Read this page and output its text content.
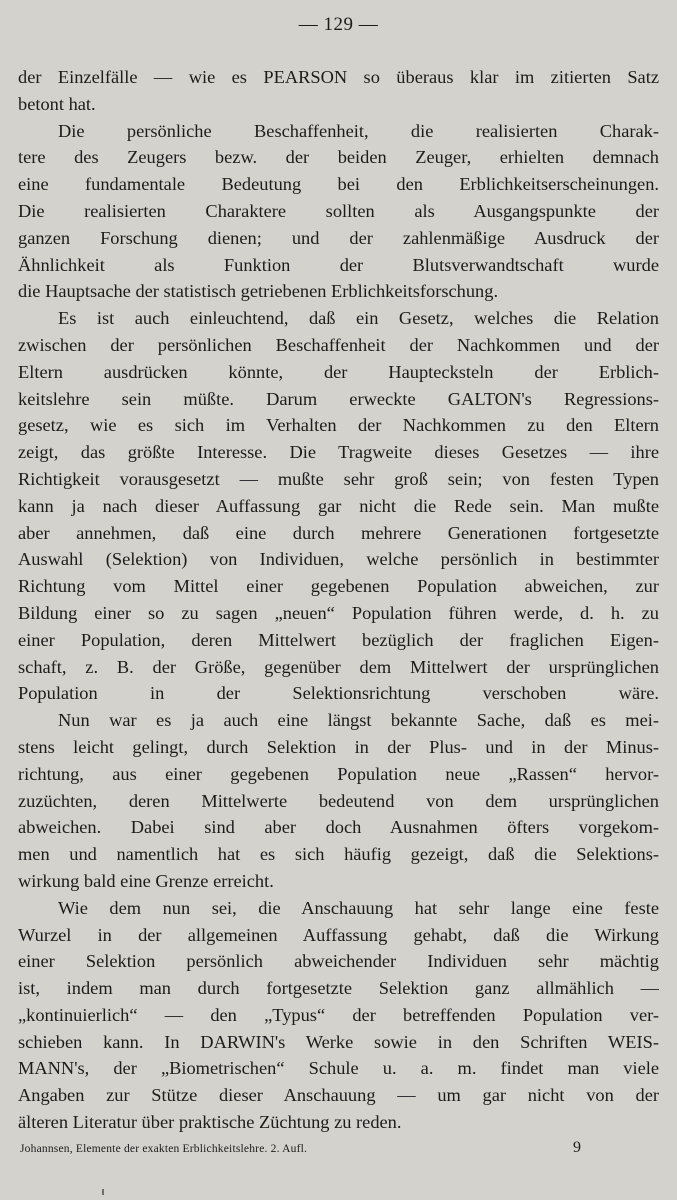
— 129 —
der Einzelfälle — wie es PEARSON so überaus klar im zitierten Satz
betont hat.
Die persönliche Beschaffenheit, die realisierten Charak-
tere des Zeugers bezw. der beiden Zeuger, erhielten demnach
eine fundamentale Bedeutung bei den Erblichkeitserscheinungen.
Die realisierten Charaktere sollten als Ausgangspunkte der
ganzen Forschung dienen; und der zahlenmäßige Ausdruck der
Ähnlichkeit als Funktion der Blutsverwandtschaft wurde
die Hauptsache der statistisch getriebenen Erblichkeitsforschung.
Es ist auch einleuchtend, daß ein Gesetz, welches die Relation
zwischen der persönlichen Beschaffenheit der Nachkommen und der
Eltern ausdrücken könnte, der Hauptecksteln der Erblich-
keitslehre sein müßte. Darum erweckte GALTON's Regressions-
gesetz, wie es sich im Verhalten der Nachkommen zu den Eltern
zeigt, das größte Interesse. Die Tragweite dieses Gesetzes — ihre
Richtigkeit vorausgesetzt — mußte sehr groß sein; von festen Typen
kann ja nach dieser Auffassung gar nicht die Rede sein. Man mußte
aber annehmen, daß eine durch mehrere Generationen fortgesetzte
Auswahl (Selektion) von Individuen, welche persönlich in bestimmter
Richtung vom Mittel einer gegebenen Population abweichen, zur
Bildung einer so zu sagen „neuen“ Population führen werde, d. h. zu
einer Population, deren Mittelwert bezüglich der fraglichen Eigen-
schaft, z. B. der Größe, gegenüber dem Mittelwert der ursprünglichen
Population in der Selektionsrichtung verschoben wäre.
Nun war es ja auch eine längst bekannte Sache, daß es mei-
stens leicht gelingt, durch Selektion in der Plus- und in der Minus-
richtung, aus einer gegebenen Population neue „Rassen“ hervor-
zuzüchten, deren Mittelwerte bedeutend von dem ursprünglichen
abweichen. Dabei sind aber doch Ausnahmen öfters vorgekom-
men und namentlich hat es sich häufig gezeigt, daß die Selektions-
wirkung bald eine Grenze erreicht.
Wie dem nun sei, die Anschauung hat sehr lange eine feste
Wurzel in der allgemeinen Auffassung gehabt, daß die Wirkung
einer Selektion persönlich abweichender Individuen sehr mächtig
ist, indem man durch fortgesetzte Selektion ganz allmählich —
„kontinuierlich“ — den „Typus“ der betreffenden Population ver-
schieben kann. In DARWIN's Werke sowie in den Schriften WEIS-
MANN's, der „Biometrischen“ Schule u. a. m. findet man viele
Angaben zur Stütze dieser Anschauung — um gar nicht von der
älteren Literatur über praktische Züchtung zu reden.
Johannsen, Elemente der exakten Erblichkeitslehre. 2. Aufl.	9
